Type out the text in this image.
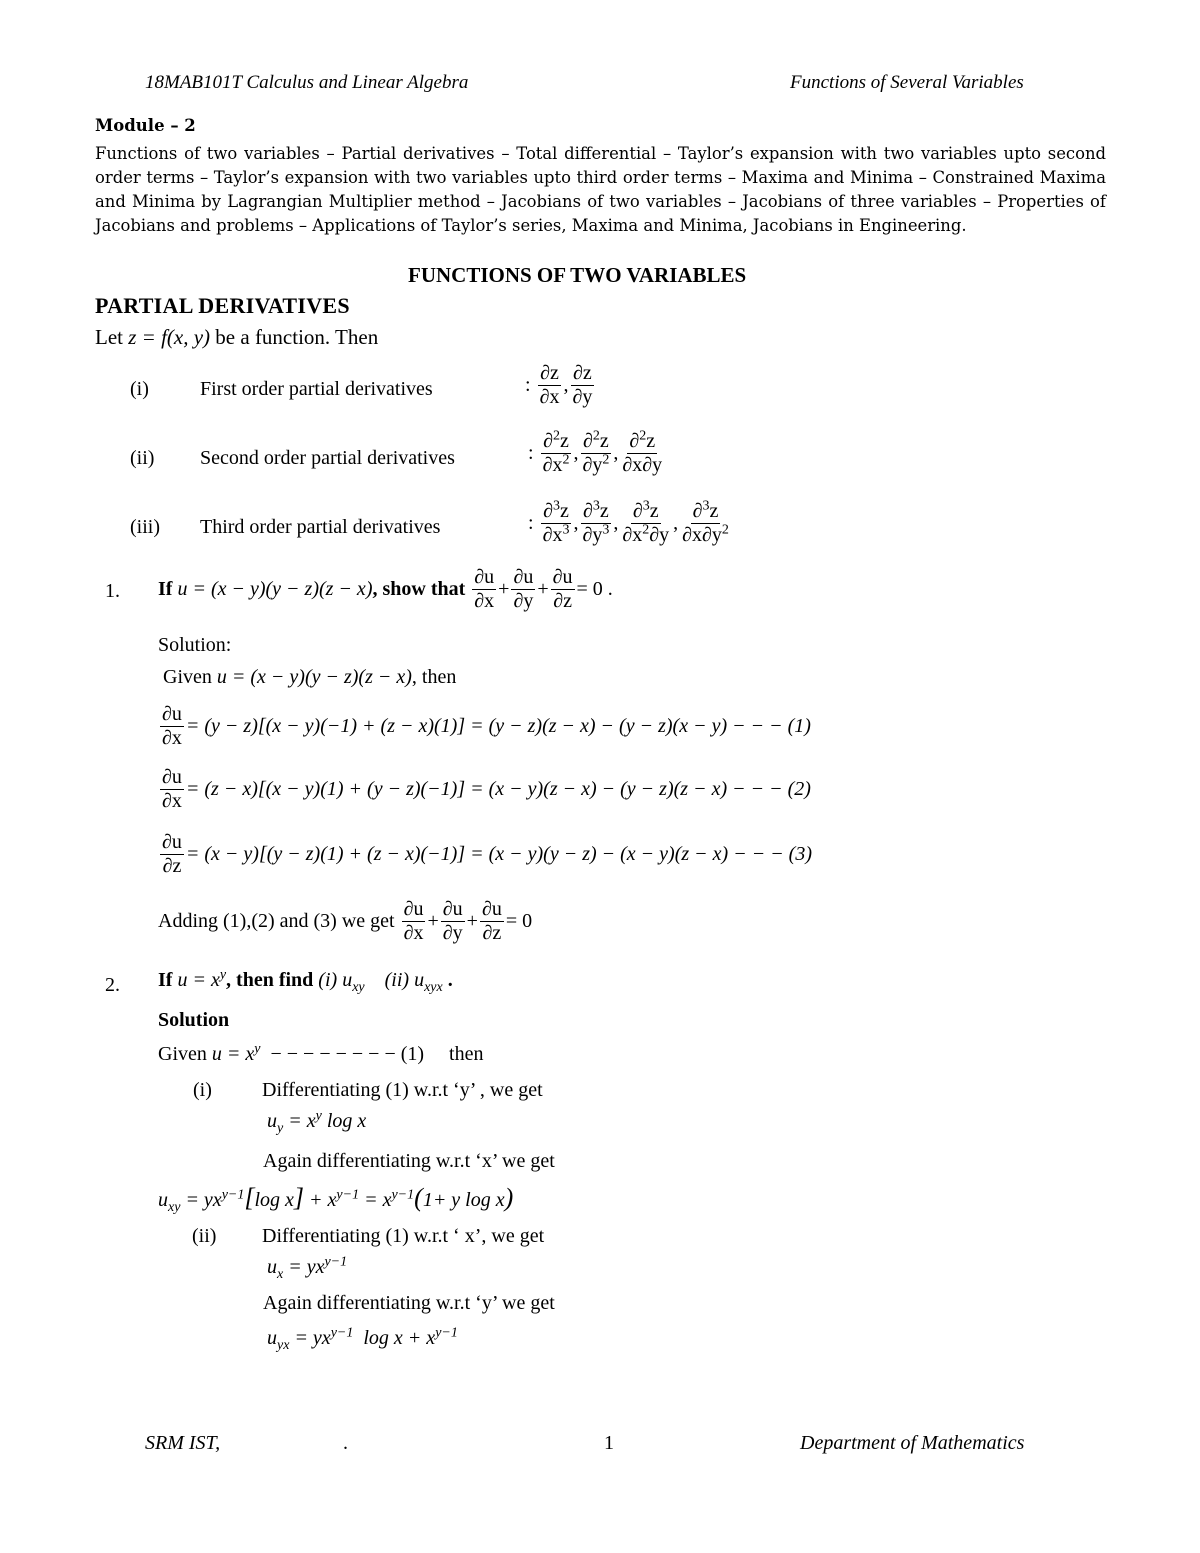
18MAB101T Calculus and Linear Algebra	Functions of Several Variables
Module – 2
Functions of two variables – Partial derivatives – Total differential – Taylor’s expansion with two variables upto second order terms – Taylor’s expansion with two variables upto third order terms – Maxima and Minima – Constrained Maxima and Minima by Lagrangian Multiplier method – Jacobians of two variables – Jacobians of three variables – Properties of Jacobians and problems – Applications of Taylor’s series, Maxima and Minima, Jacobians in Engineering.
FUNCTIONS OF TWO VARIABLES
PARTIAL DERIVATIVES
Let z = f(x, y) be a function. Then
(i)	First order partial derivatives	: $\frac{\partial z}{\partial x}$ , $\frac{\partial z}{\partial y}$
(ii) Second order partial derivatives	: $\frac{\partial^2z}{\partial x^2}$ , $\frac{\partial^2z}{\partial y^2}$ , $\frac{\partial^2z}{\partial x\partial y}$
(iii) Third order partial derivatives	: $\frac{\partial^3z}{\partial x^3}$ , $\frac{\partial^3z}{\partial y^3}$ , $\frac{\partial^3z}{\partial x^2\partial y}$ , $\frac{\partial^3z}{\partial x\partial y^2}$
1. If
u = (x − y)(y − z)(z − x) , show that
$\frac{\partial u}{\partial x} + \frac{\partial u}{\partial y} + \frac{\partial u}{\partial z} = 0$ .
Solution:
Given u = (x − y)(y − z)(z − x), then
$\frac{\partial u}{\partial x} = (y - z)[(x - y)(-1) + (z - x)(1)] = (y - z)(z - x) - (y - z)(x - y)$ − − − (1)
$\frac{\partial u}{\partial x} = (z - x)[(x - y)(1) + (y - z)(-1)] = (x - y)(z - x) - (y - z)(z - x)$ − − − (2)
$\frac{\partial u}{\partial z} = (x - y)[(y - z)(1) + (z - x)(-1)] = (x - y)(y - z) - (x - y)(z - x)$ − − − (3)
Adding (1),(2) and (3) we get
$\frac{\partial u}{\partial x} + \frac{\partial u}{\partial y} + \frac{\partial u}{\partial z} = 0$
2. If $u = x^y$, then find (i) $u_{xy}$ (ii) $u_{xyx}$ .
Solution
Given $u = x^y$ − − − − − − − − (1) then
(i)	Differentiating (1) w.r.t ‘y’ , we get
$u_y = x^y$ log x
Again differentiating w.r.t ‘x’ we get
$u_{xy} = yx^{y-1}[\log$ $x] + x^{y-1} = x^{y-1}(1+ y$ log x)
(ii) Differentiating (1) w.r.t ‘ x’, we get
$u_x = yx^{y-1}$
Again differentiating w.r.t ‘y’ we get
$u_{yx} = yx^{y-1}$ $\log x + x^{y-1}$
SRM IST,	.	1	Department of Mathematics
